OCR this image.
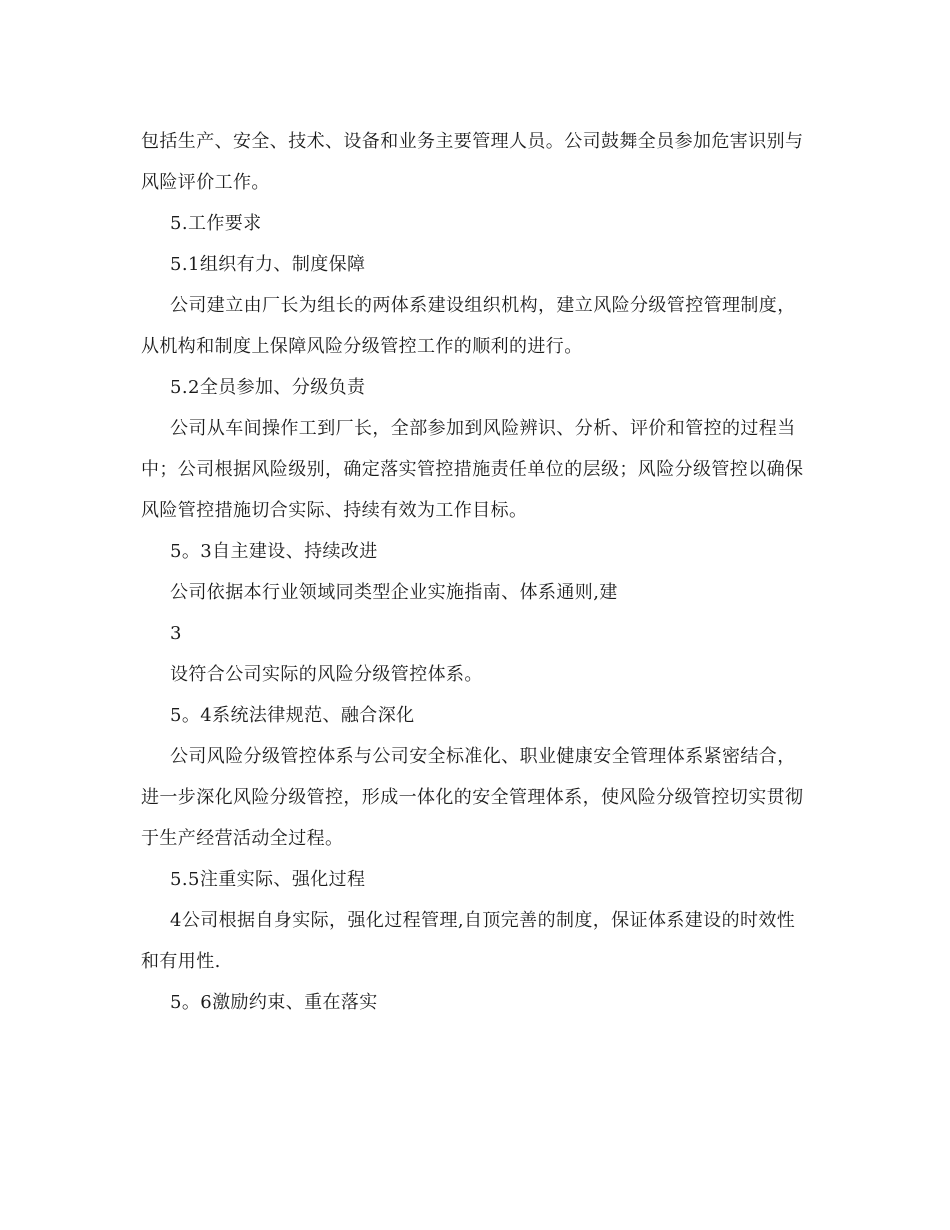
包括生产、安全、技术、设备和业务主要管理人员。公司鼓舞全员参加危害识别与
风险评价工作。
5.工作要求
5.1组织有力、制度保障
公司建立由厂长为组长的两体系建设组织机构，建立风险分级管控管理制度，
从机构和制度上保障风险分级管控工作的顺利的进行。
5.2全员参加、分级负责
公司从车间操作工到厂长，全部参加到风险辨识、分析、评价和管控的过程当
中；公司根据风险级别，确定落实管控措施责任单位的层级；风险分级管控以确保
风险管控措施切合实际、持续有效为工作目标。
5。3自主建设、持续改进
公司依据本行业领域同类型企业实施指南、体系通则,建
3
设符合公司实际的风险分级管控体系。
5。4系统法律规范、融合深化
公司风险分级管控体系与公司安全标准化、职业健康安全管理体系紧密结合，
进一步深化风险分级管控，形成一体化的安全管理体系，使风险分级管控切实贯彻
于生产经营活动全过程。
5.5注重实际、强化过程
4公司根据自身实际，强化过程管理,自顶完善的制度，保证体系建设的时效性
和有用性.
5。6激励约束、重在落实
